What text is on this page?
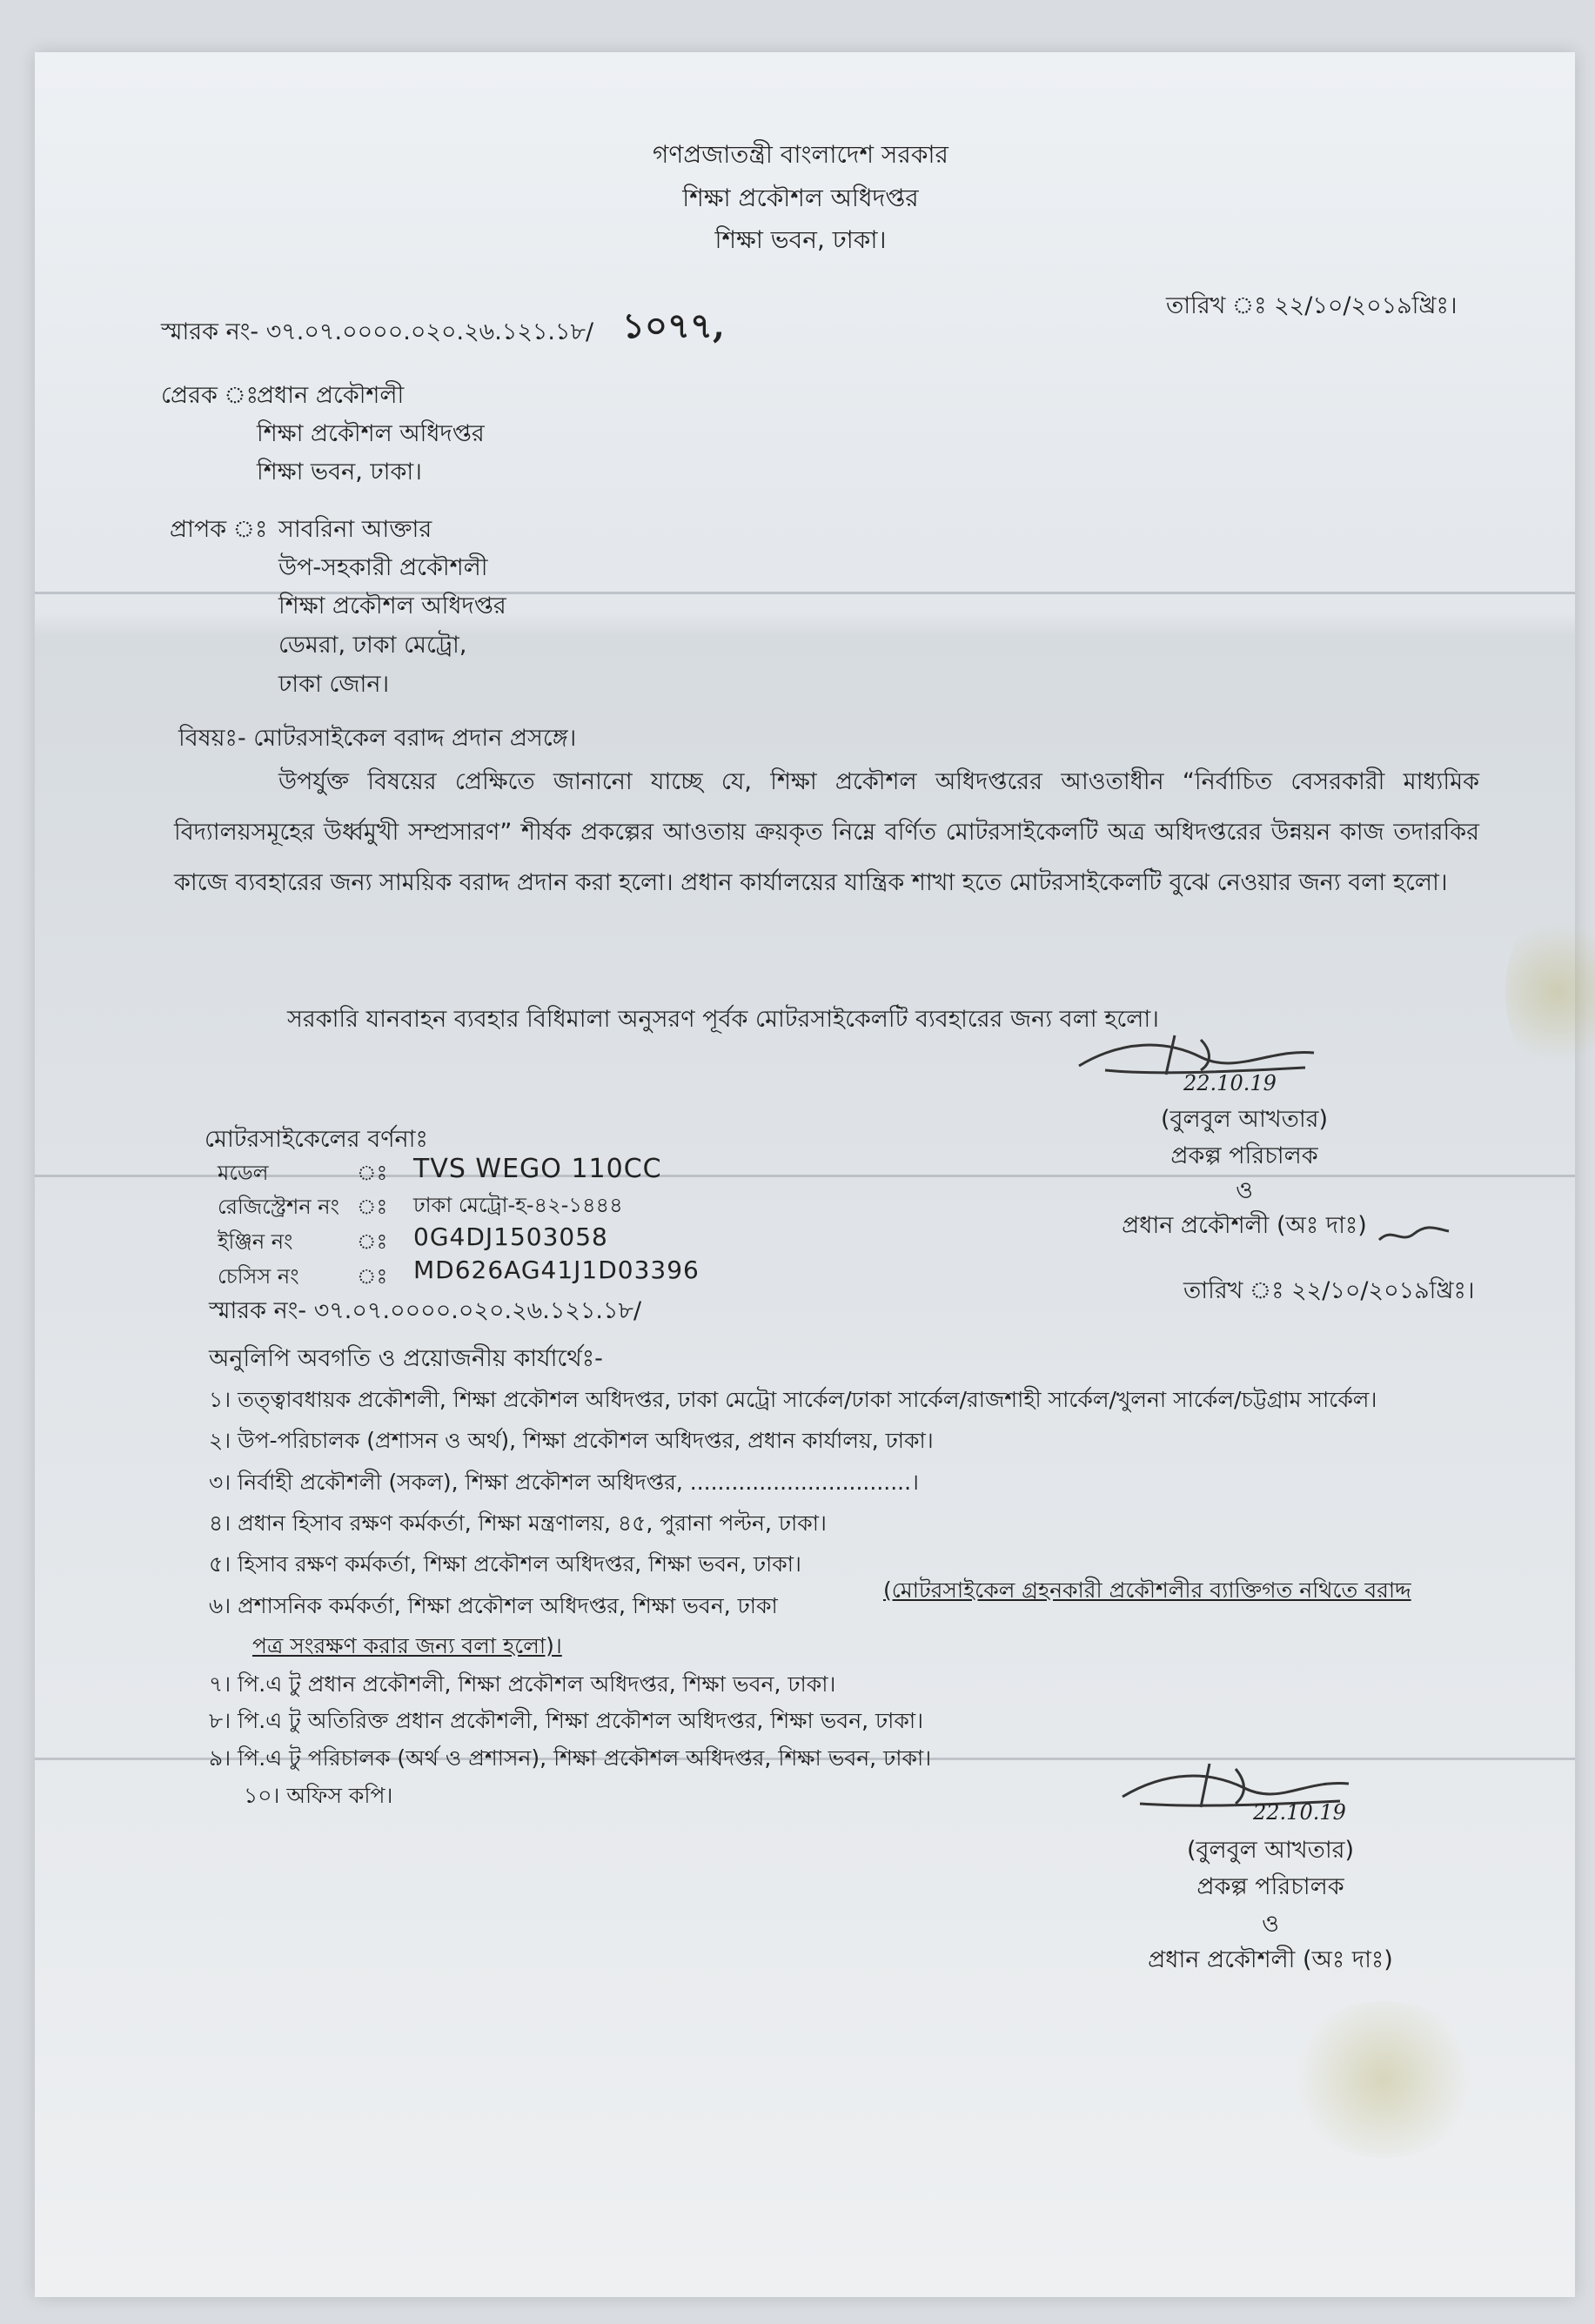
গণপ্রজাতন্ত্রী বাংলাদেশ সরকার
শিক্ষা প্রকৌশল অধিদপ্তর
শিক্ষা ভবন, ঢাকা।
স্মারক নং- ৩৭.০৭.০০০০.০২০.২৬.১২১.১৮/ ১০৭৭,	তারিখ ঃ ২২/১০/২০১৯খ্রিঃ।
প্রেরক ঃ
প্রধান প্রকৌশলী
শিক্ষা প্রকৌশল অধিদপ্তর
শিক্ষা ভবন, ঢাকা।
প্রাপক ঃ সাবরিনা আক্তার
উপ-সহকারী প্রকৌশলী
শিক্ষা প্রকৌশল অধিদপ্তর
ডেমরা, ঢাকা মেট্রো,
ঢাকা জোন।
বিষয়ঃ- মোটরসাইকেল বরাদ্দ প্রদান প্রসঙ্গে।
উপর্যুক্ত বিষয়ের প্রেক্ষিতে জানানো যাচ্ছে যে, শিক্ষা প্রকৌশল অধিদপ্তরের আওতাধীন “নির্বাচিত বেসরকারী মাধ্যমিক বিদ্যালয়সমূহের উর্ধ্বমুখী সম্প্রসারণ” শীর্ষক প্রকল্পের আওতায় ক্রয়কৃত নিম্নে বর্ণিত মোটরসাইকেলটি অত্র অধিদপ্তরের উন্নয়ন কাজ তদারকির কাজে ব্যবহারের জন্য সাময়িক বরাদ্দ প্রদান করা হলো। প্রধান কার্যালয়ের যান্ত্রিক শাখা হতে মোটরসাইকেলটি বুঝে নেওয়ার জন্য বলা হলো।
সরকারি যানবাহন ব্যবহার বিধিমালা অনুসরণ পূর্বক মোটরসাইকেলটি ব্যবহারের জন্য বলা হলো।
22.10.19
(বুলবুল আখতার)
প্রকল্প পরিচালক
ও
প্রধান প্রকৌশলী (অঃ দাঃ)
মোটরসাইকেলের বর্ণনাঃ
মডেল	ঃ TVS WEGO 110CC
রেজিস্ট্রেশন নং ঃ ঢাকা মেট্রো-হ-৪২-১৪৪৪
ইঞ্জিন নং	ঃ 0G4DJ1503058
চেসিস নং	ঃ MD626AG41J1D03396
স্মারক নং- ৩৭.০৭.০০০০.০২০.২৬.১২১.১৮/
তারিখ ঃ ২২/১০/২০১৯খ্রিঃ।
অনুলিপি অবগতি ও প্রয়োজনীয় কার্যার্থেঃ-
১। তত্ত্বাবধায়ক প্রকৌশলী, শিক্ষা প্রকৌশল অধিদপ্তর, ঢাকা মেট্রো সার্কেল/ঢাকা সার্কেল/রাজশাহী সার্কেল/খুলনা সার্কেল/চট্টগ্রাম সার্কেল।
২। উপ-পরিচালক (প্রশাসন ও অর্থ), শিক্ষা প্রকৌশল অধিদপ্তর, প্রধান কার্যালয়, ঢাকা।
৩। নির্বাহী প্রকৌশলী (সকল), শিক্ষা প্রকৌশল অধিদপ্তর, ................................।
৪। প্রধান হিসাব রক্ষণ কর্মকর্তা, শিক্ষা মন্ত্রণালয়, ৪৫, পুরানা পল্টন, ঢাকা।
৫। হিসাব রক্ষণ কর্মকর্তা, শিক্ষা প্রকৌশল অধিদপ্তর, শিক্ষা ভবন, ঢাকা।
৬। প্রশাসনিক কর্মকর্তা, শিক্ষা প্রকৌশল অধিদপ্তর, শিক্ষা ভবন, ঢাকা
(মোটরসাইকেল গ্রহনকারী প্রকৌশলীর ব্যাক্তিগত নথিতে বরাদ্দ
পত্র সংরক্ষণ করার জন্য বলা হলো)।
৭। পি.এ টু প্রধান প্রকৌশলী, শিক্ষা প্রকৌশল অধিদপ্তর, শিক্ষা ভবন, ঢাকা।
৮। পি.এ টু অতিরিক্ত প্রধান প্রকৌশলী, শিক্ষা প্রকৌশল অধিদপ্তর, শিক্ষা ভবন, ঢাকা।
৯। পি.এ টু পরিচালক (অর্থ ও প্রশাসন), শিক্ষা প্রকৌশল অধিদপ্তর, শিক্ষা ভবন, ঢাকা।
১০। অফিস কপি।
22.10.19
(বুলবুল আখতার)
প্রকল্প পরিচালক
ও
প্রধান প্রকৌশলী (অঃ দাঃ)
